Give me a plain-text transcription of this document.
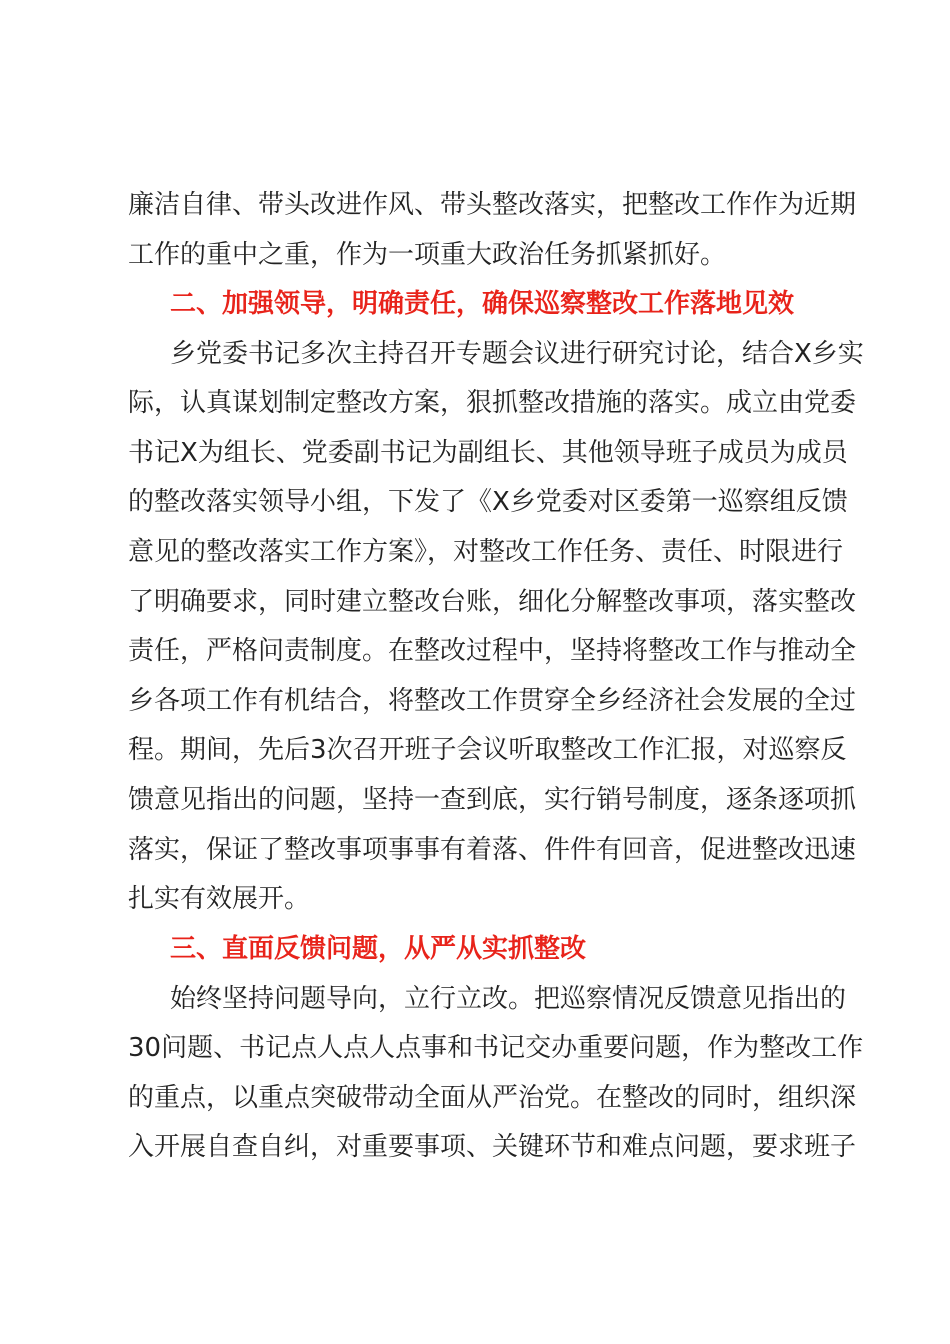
廉洁自律、带头改进作风、带头整改落实，把整改工作作为近期
工作的重中之重，作为一项重大政治任务抓紧抓好。
二、加强领导，明确责任，确保巡察整改工作落地见效
乡党委书记多次主持召开专题会议进行研究讨论，结合X乡实
际，认真谋划制定整改方案，狠抓整改措施的落实。成立由党委
书记X为组长、党委副书记为副组长、其他领导班子成员为成员
的整改落实领导小组，下发了《X乡党委对区委第一巡察组反馈
意见的整改落实工作方案》，对整改工作任务、责任、时限进行
了明确要求，同时建立整改台账，细化分解整改事项，落实整改
责任，严格问责制度。在整改过程中，坚持将整改工作与推动全
乡各项工作有机结合，将整改工作贯穿全乡经济社会发展的全过
程。期间，先后3次召开班子会议听取整改工作汇报，对巡察反
馈意见指出的问题，坚持一查到底，实行销号制度，逐条逐项抓
落实，保证了整改事项事事有着落、件件有回音，促进整改迅速
扎实有效展开。
三、直面反馈问题，从严从实抓整改
始终坚持问题导向，立行立改。把巡察情况反馈意见指出的
30问题、书记点人点人点事和书记交办重要问题，作为整改工作
的重点，以重点突破带动全面从严治党。在整改的同时，组织深
入开展自查自纠，对重要事项、关键环节和难点问题，要求班子
